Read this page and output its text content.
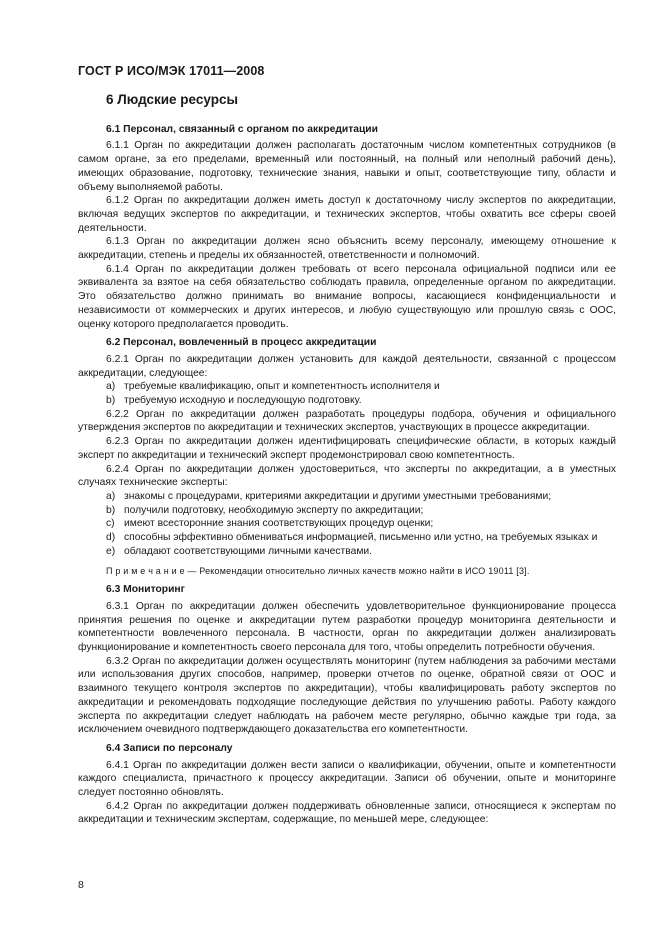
ГОСТ Р ИСО/МЭК 17011—2008
6 Людские ресурсы
6.1 Персонал, связанный с органом по аккредитации

6.1.1 Орган по аккредитации должен располагать достаточным числом компетентных сотрудников (в самом органе, за его пределами, временный или постоянный, на полный или неполный рабочий день), имеющих образование, подготовку, технические знания, навыки и опыт, соответствующие типу, области и объему выполняемой работы.

6.1.2 Орган по аккредитации должен иметь доступ к достаточному числу экспертов по аккредитации, включая ведущих экспертов по аккредитации, и технических экспертов, чтобы охватить все сферы своей деятельности.

6.1.3 Орган по аккредитации должен ясно объяснить всему персоналу, имеющему отношение к аккредитации, степень и пределы их обязанностей, ответственности и полномочий.

6.1.4 Орган по аккредитации должен требовать от всего персонала официальной подписи или ее эквивалента за взятое на себя обязательство соблюдать правила, определенные органом по аккредитации. Это обязательство должно принимать во внимание вопросы, касающиеся конфиденциальности и независимости от коммерческих и других интересов, и любую существующую или прошлую связь с ООС, оценку которого предполагается проводить.

6.2 Персонал, вовлеченный в процесс аккредитации

6.2.1 Орган по аккредитации должен установить для каждой деятельности, связанной с процессом аккредитации, следующее:

а) требуемые квалификацию, опыт и компетентность исполнителя и
b) требуемую исходную и последующую подготовку.

6.2.2 Орган по аккредитации должен разработать процедуры подбора, обучения и официального утверждения экспертов по аккредитации и технических экспертов, участвующих в процессе аккредитации.

6.2.3 Орган по аккредитации должен идентифицировать специфические области, в которых каждый эксперт по аккредитации и технический эксперт продемонстрировал свою компетентность.

6.2.4 Орган по аккредитации должен удостовериться, что эксперты по аккредитации, а в уместных случаях технические эксперты:

а) знакомы с процедурами, критериями аккредитации и другими уместными требованиями;
b) получили подготовку, необходимую эксперту по аккредитации;
c) имеют всесторонние знания соответствующих процедур оценки;
d) способны эффективно обмениваться информацией, письменно или устно, на требуемых языках и
е) обладают соответствующими личными качествами.

П р и м е ч а н и е — Рекомендации относительно личных качеств можно найти в ИСО 19011 [3].

6.3 Мониторинг

6.3.1 Орган по аккредитации должен обеспечить удовлетворительное функционирование процесса принятия решения по оценке и аккредитации путем разработки процедур мониторинга деятельности и компетентности вовлеченного персонала. В частности, орган по аккредитации должен анализировать функционирование и компетентность своего персонала для того, чтобы определить потребности обучения.

6.3.2 Орган по аккредитации должен осуществлять мониторинг (путем наблюдения за рабочими местами или использования других способов, например, проверки отчетов по оценке, обратной связи от ООС и взаимного текущего контроля экспертов по аккредитации), чтобы квалифицировать работу экспертов по аккредитации и рекомендовать подходящие последующие действия по улучшению работы. Работу каждого эксперта по аккредитации следует наблюдать на рабочем месте регулярно, обычно каждые три года, за исключением очевидного подтверждающего доказательства его компетентности.

6.4 Записи по персоналу

6.4.1 Орган по аккредитации должен вести записи о квалификации, обучении, опыте и компетентности каждого специалиста, причастного к процессу аккредитации. Записи об обучении, опыте и мониторинге следует постоянно обновлять.

6.4.2 Орган по аккредитации должен поддерживать обновленные записи, относящиеся к экспертам по аккредитации и техническим экспертам, содержащие, по меньшей мере, следующее:

8
